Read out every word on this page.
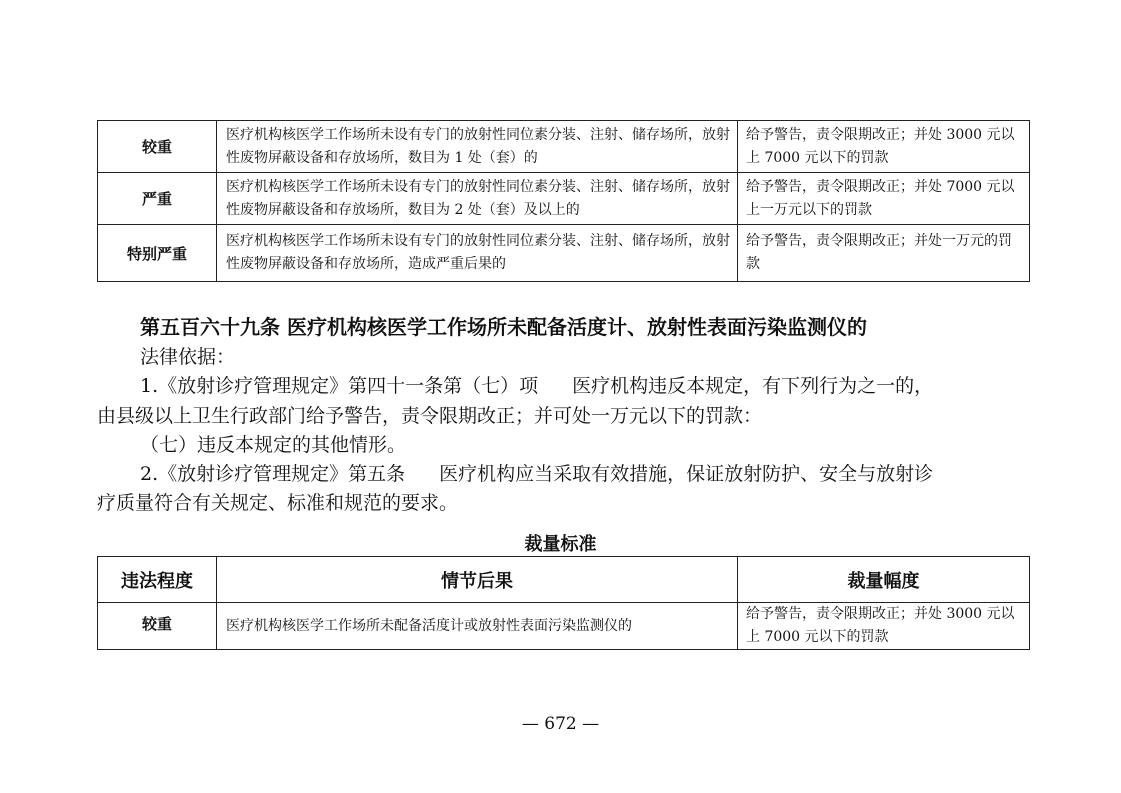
较重	医疗机构核医学工作场所未设有专门的放射性同位素分装、注射、储存场所，放射性废物屏蔽设备和存放场所，数目为 1 处（套）的	给予警告，责令限期改正；并处 3000 元以上 7000 元以下的罚款
严重	医疗机构核医学工作场所未设有专门的放射性同位素分装、注射、储存场所，放射性废物屏蔽设备和存放场所，数目为 2 处（套）及以上的	给予警告，责令限期改正；并处 7000 元以上一万元以下的罚款
特别严重	医疗机构核医学工作场所未设有专门的放射性同位素分装、注射、储存场所，放射性废物屏蔽设备和存放场所，造成严重后果的	给予警告，责令限期改正；并处一万元的罚款
第五百六十九条 医疗机构核医学工作场所未配备活度计、放射性表面污染监测仪的
法律依据：
1.《放射诊疗管理规定》第四十一条第（七）项 医疗机构违反本规定，有下列行为之一的，
由县级以上卫生行政部门给予警告，责令限期改正；并可处一万元以下的罚款：
（七）违反本规定的其他情形。
2.《放射诊疗管理规定》第五条 医疗机构应当采取有效措施，保证放射防护、安全与放射诊
疗质量符合有关规定、标准和规范的要求。
裁量标准
违法程度	情节后果	裁量幅度
较重	医疗机构核医学工作场所未配备活度计或放射性表面污染监测仪的	给予警告，责令限期改正；并处 3000 元以上 7000 元以下的罚款
— 672 —
